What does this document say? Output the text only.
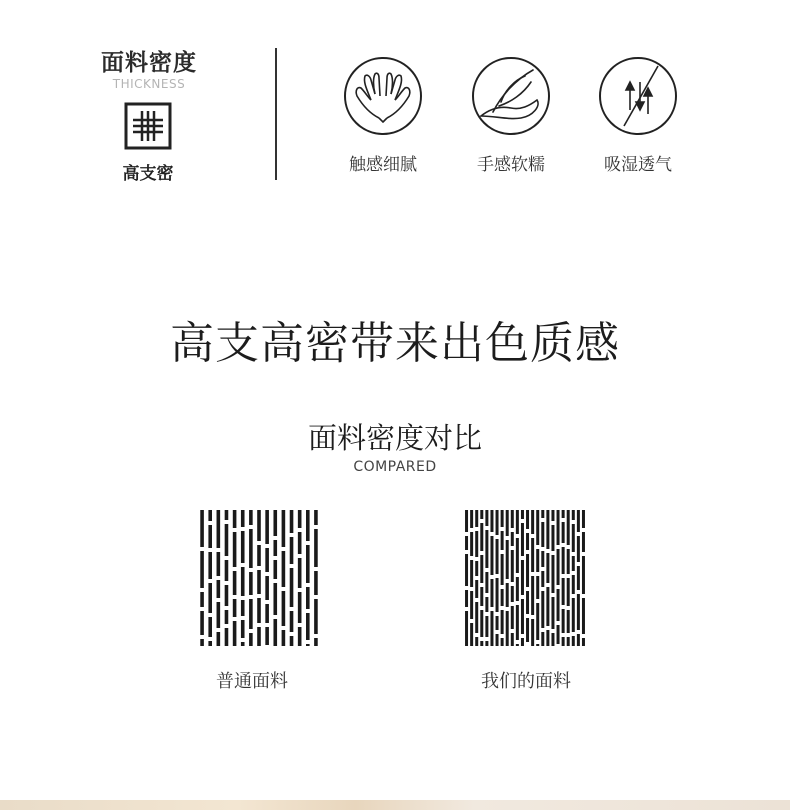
面料密度
THICKNESS
高支密	触感细腻	手感软糯	吸湿透气
高支高密带来出色质感
面料密度对比
COMPARED
普通面料	我们的面料
